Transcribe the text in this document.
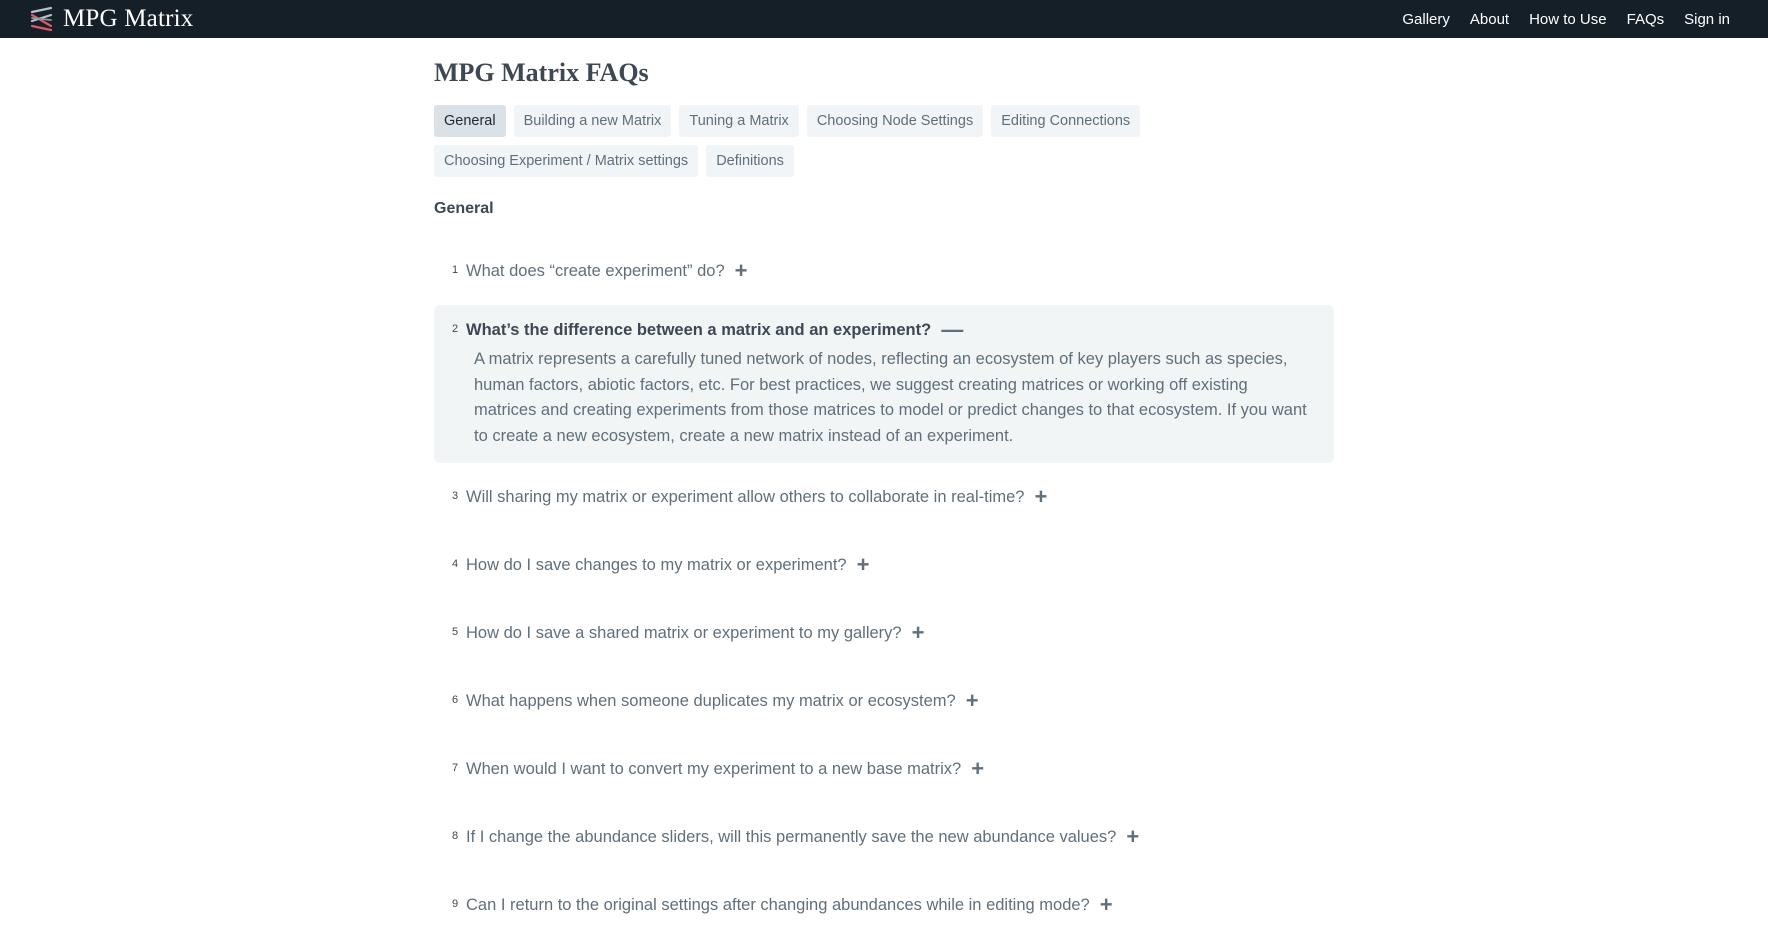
MPG Matrix	Gallery About How to Use FAQs Sign in
MPG Matrix FAQs
General	Building a new Matrix	Tuning a Matrix	Choosing Node Settings	Editing Connections
Choosing Experiment / Matrix settings	Definitions
General
1 What does “create experiment” do? +
2 What’s the difference between a matrix and an experiment? —
A matrix represents a carefully tuned network of nodes, reflecting an ecosystem of key players such as species, human factors, abiotic factors, etc. For best practices, we suggest creating matrices or working off existing matrices and creating experiments from those matrices to model or predict changes to that ecosystem. If you want to create a new ecosystem, create a new matrix instead of an experiment.
3 Will sharing my matrix or experiment allow others to collaborate in real-time? +
4 How do I save changes to my matrix or experiment? +
5 How do I save a shared matrix or experiment to my gallery? +
6 What happens when someone duplicates my matrix or ecosystem? +
7 When would I want to convert my experiment to a new base matrix? +
8 If I change the abundance sliders, will this permanently save the new abundance values? +
9 Can I return to the original settings after changing abundances while in editing mode? +
